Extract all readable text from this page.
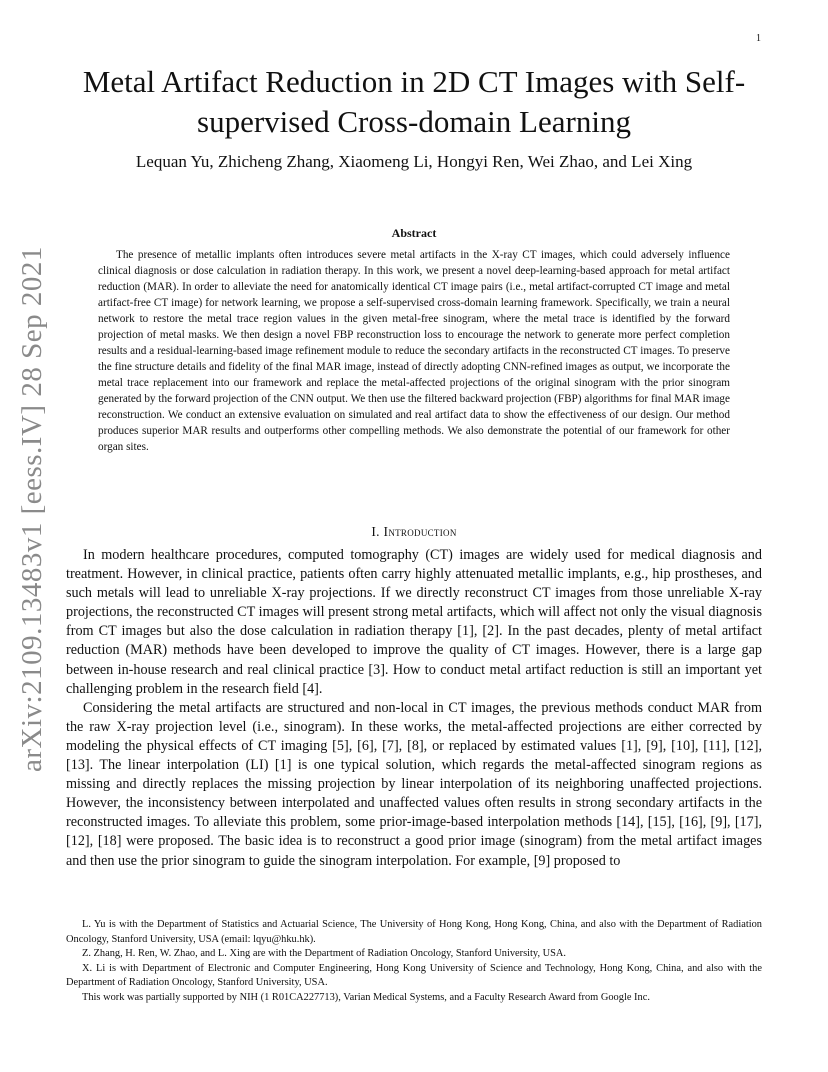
1
arXiv:2109.13483v1 [eess.IV] 28 Sep 2021
Metal Artifact Reduction in 2D CT Images with Self-supervised Cross-domain Learning

Lequan Yu, Zhicheng Zhang, Xiaomeng Li, Hongyi Ren, Wei Zhao, and Lei Xing

Abstract

The presence of metallic implants often introduces severe metal artifacts in the X-ray CT images, which could adversely influence clinical diagnosis or dose calculation in radiation therapy. In this work, we present a novel deep-learning-based approach for metal artifact reduction (MAR). In order to alleviate the need for anatomically identical CT image pairs (i.e., metal artifact-corrupted CT image and metal artifact-free CT image) for network learning, we propose a self-supervised cross-domain learning framework. Specifically, we train a neural network to restore the metal trace region values in the given metal-free sinogram, where the metal trace is identified by the forward projection of metal masks. We then design a novel FBP reconstruction loss to encourage the network to generate more perfect completion results and a residual-learning-based image refinement module to reduce the secondary artifacts in the reconstructed CT images. To preserve the fine structure details and fidelity of the final MAR image, instead of directly adopting CNN-refined images as output, we incorporate the metal trace replacement into our framework and replace the metal-affected projections of the original sinogram with the prior sinogram generated by the forward projection of the CNN output. We then use the filtered backward projection (FBP) algorithms for final MAR image reconstruction. We conduct an extensive evaluation on simulated and real artifact data to show the effectiveness of our design. Our method produces superior MAR results and outperforms other compelling methods. We also demonstrate the potential of our framework for other organ sites.

I. Introduction

In modern healthcare procedures, computed tomography (CT) images are widely used for medical diagnosis and treatment. However, in clinical practice, patients often carry highly attenuated metallic implants, e.g., hip prostheses, and such metals will lead to unreliable X-ray projections. If we directly reconstruct CT images from those unreliable X-ray projections, the reconstructed CT images will present strong metal artifacts, which will affect not only the visual diagnosis from CT images but also the dose calculation in radiation therapy [1], [2]. In the past decades, plenty of metal artifact reduction (MAR) methods have been developed to improve the quality of CT images. However, there is a large gap between in-house research and real clinical practice [3]. How to conduct metal artifact reduction is still an important yet challenging problem in the research field [4].

Considering the metal artifacts are structured and non-local in CT images, the previous methods conduct MAR from the raw X-ray projection level (i.e., sinogram). In these works, the metal-affected projections are either corrected by modeling the physical effects of CT imaging [5], [6], [7], [8], or replaced by estimated values [1], [9], [10], [11], [12], [13]. The linear interpolation (LI) [1] is one typical solution, which regards the metal-affected sinogram regions as missing and directly replaces the missing projection by linear interpolation of its neighboring unaffected projections. However, the inconsistency between interpolated and unaffected values often results in strong secondary artifacts in the reconstructed images. To alleviate this problem, some prior-image-based interpolation methods [14], [15], [16], [9], [17], [12], [18] were proposed. The basic idea is to reconstruct a good prior image (sinogram) from the metal artifact images and then use the prior sinogram to guide the sinogram interpolation. For example, [9] proposed to

L. Yu is with the Department of Statistics and Actuarial Science, The University of Hong Kong, Hong Kong, China, and also with the Department of Radiation Oncology, Stanford University, USA (email: lqyu@hku.hk).

Z. Zhang, H. Ren, W. Zhao, and L. Xing are with the Department of Radiation Oncology, Stanford University, USA.

X. Li is with Department of Electronic and Computer Engineering, Hong Kong University of Science and Technology, Hong Kong, China, and also with the Department of Radiation Oncology, Stanford University, USA.

This work was partially supported by NIH (1 R01CA227713), Varian Medical Systems, and a Faculty Research Award from Google Inc.
